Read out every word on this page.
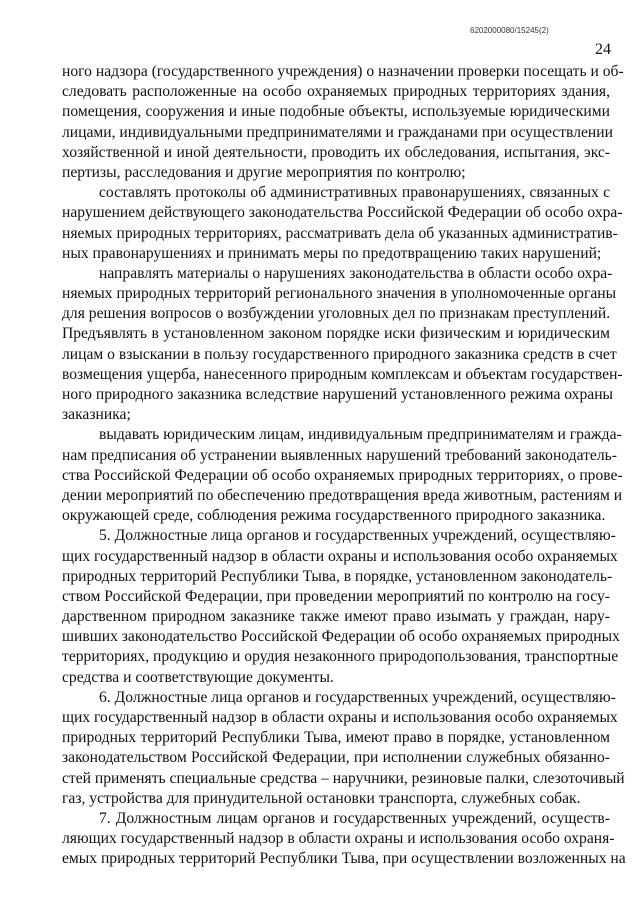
6202000080/15245(2)
24
ного надзора (государственного учреждения) о назначении проверки посещать и об-
следовать расположенные на особо охраняемых природных территориях здания,
помещения, сооружения и иные подобные объекты, используемые юридическими
лицами, индивидуальными предпринимателями и гражданами при осуществлении
хозяйственной и иной деятельности, проводить их обследования, испытания, экс-
пертизы, расследования и другие мероприятия по контролю;
составлять протоколы об административных правонарушениях, связанных с
нарушением действующего законодательства Российской Федерации об особо охра-
няемых природных территориях, рассматривать дела об указанных административ-
ных правонарушениях и принимать меры по предотвращению таких нарушений;
направлять материалы о нарушениях законодательства в области особо охра-
няемых природных территорий регионального значения в уполномоченные органы
для решения вопросов о возбуждении уголовных дел по признакам преступлений.
Предъявлять в установленном законом порядке иски физическим и юридическим
лицам о взыскании в пользу государственного природного заказника средств в счет
возмещения ущерба, нанесенного природным комплексам и объектам государствен-
ного природного заказника вследствие нарушений установленного режима охраны
заказника;
выдавать юридическим лицам, индивидуальным предпринимателям и гражда-
нам предписания об устранении выявленных нарушений требований законодатель-
ства Российской Федерации об особо охраняемых природных территориях, о прове-
дении мероприятий по обеспечению предотвращения вреда животным, растениям и
окружающей среде, соблюдения режима государственного природного заказника.
5. Должностные лица органов и государственных учреждений, осуществляю-
щих государственный надзор в области охраны и использования особо охраняемых
природных территорий Республики Тыва, в порядке, установленном законодатель-
ством Российской Федерации, при проведении мероприятий по контролю на госу-
дарственном природном заказнике также имеют право изымать у граждан, нару-
шивших законодательство Российской Федерации об особо охраняемых природных
территориях, продукцию и орудия незаконного природопользования, транспортные
средства и соответствующие документы.
6. Должностные лица органов и государственных учреждений, осуществляю-
щих государственный надзор в области охраны и использования особо охраняемых
природных территорий Республики Тыва, имеют право в порядке, установленном
законодательством Российской Федерации, при исполнении служебных обязанно-
стей применять специальные средства – наручники, резиновые палки, слезоточивый
газ, устройства для принудительной остановки транспорта, служебных собак.
7. Должностным лицам органов и государственных учреждений, осуществ-
ляющих государственный надзор в области охраны и использования особо охраня-
емых природных территорий Республики Тыва, при осуществлении возложенных на
